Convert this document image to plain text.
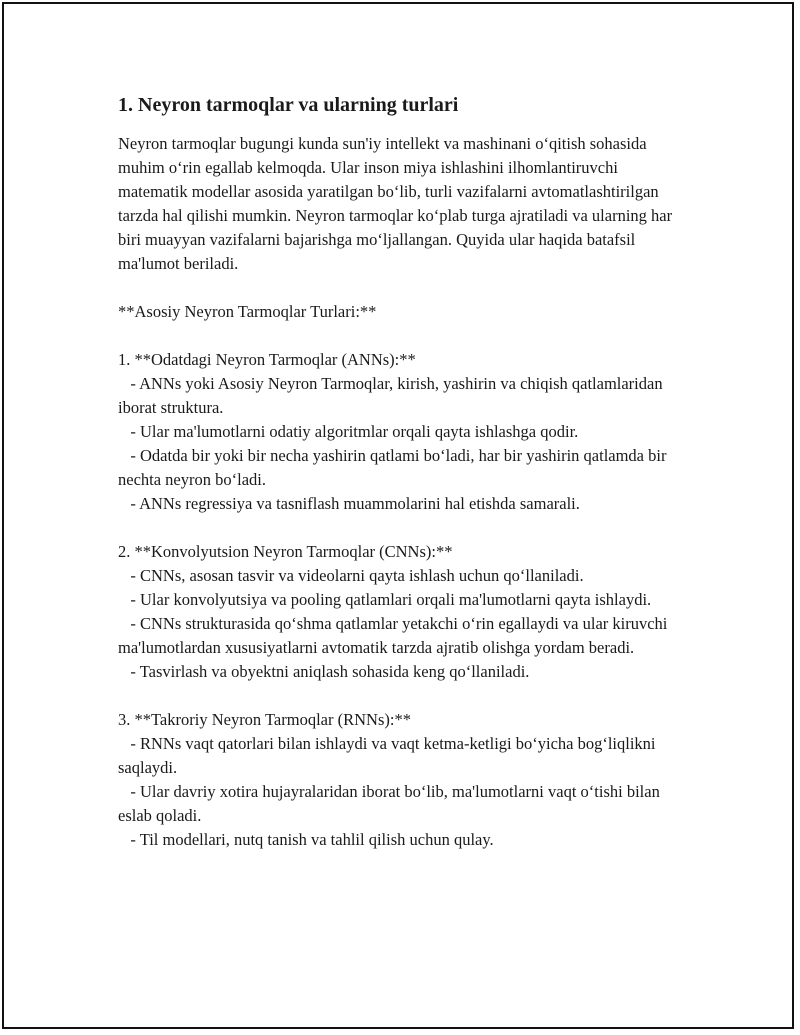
1. Neyron tarmoqlar va ularning turlari

Neyron tarmoqlar bugungi kunda sun'iy intellekt va mashinani o‘qitish sohasida muhim o‘rin egallab kelmoqda. Ular inson miya ishlashini ilhomlantiruvchi matematik modellar asosida yaratilgan bo‘lib, turli vazifalarni avtomatlashtirilgan tarzda hal qilishi mumkin. Neyron tarmoqlar ko‘plab turga ajratiladi va ularning har biri muayyan vazifalarni bajarishga mo‘ljallangan. Quyida ular haqida batafsil ma'lumot beriladi.

**Asosiy Neyron Tarmoqlar Turlari:**

1. **Odatdagi Neyron Tarmoqlar (ANNs):**

- ANNs yoki Asosiy Neyron Tarmoqlar, kirish, yashirin va chiqish qatlamlaridan iborat struktura.

- Ular ma'lumotlarni odatiy algoritmlar orqali qayta ishlashga qodir.

- Odatda bir yoki bir necha yashirin qatlami bo‘ladi, har bir yashirin qatlamda bir nechta neyron bo‘ladi.

- ANNs regressiya va tasniflash muammolarini hal etishda samarali.

2. **Konvolyutsion Neyron Tarmoqlar (CNNs):**

- CNNs, asosan tasvir va videolarni qayta ishlash uchun qo‘llaniladi.

- Ular konvolyutsiya va pooling qatlamlari orqali ma'lumotlarni qayta ishlaydi.

- CNNs strukturasida qo‘shma qatlamlar yetakchi o‘rin egallaydi va ular kiruvchi ma'lumotlardan xususiyatlarni avtomatik tarzda ajratib olishga yordam beradi.

- Tasvirlash va obyektni aniqlash sohasida keng qo‘llaniladi.

3. **Takroriy Neyron Tarmoqlar (RNNs):**

- RNNs vaqt qatorlari bilan ishlaydi va vaqt ketma-ketligi bo‘yicha bog‘liqlikni saqlaydi.

- Ular davriy xotira hujayralaridan iborat bo‘lib, ma'lumotlarni vaqt o‘tishi bilan eslab qoladi.

- Til modellari, nutq tanish va tahlil qilish uchun qulay.
